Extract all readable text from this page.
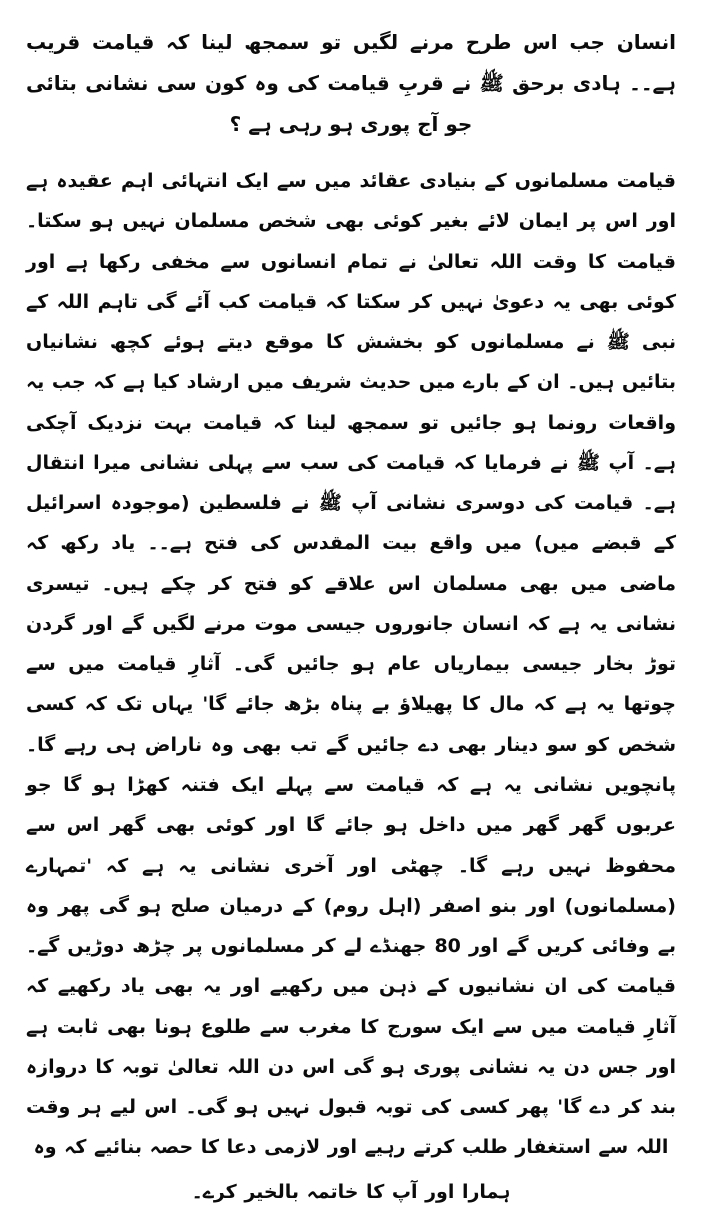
انسان جب اس طرح مرنے لگیں تو سمجھ لینا کہ قیامت قریب ہے۔۔ ہادی برحق ﷺ نے قربِ قیامت کی وہ کون سی نشانی بتائی جو آج پوری ہو رہی ہے ؟

قیامت مسلمانوں کے بنیادی عقائد میں سے ایک انتہائی اہم عقیدہ ہے اور اس پر ایمان لائے بغیر کوئی بھی شخص مسلمان نہیں ہو سکتا۔ قیامت کا وقت اللہ تعالیٰ نے تمام انسانوں سے مخفی رکھا ہے اور کوئی بھی یہ دعویٰ نہیں کر سکتا کہ قیامت کب آئے گی تاہم اللہ کے نبی ﷺ نے مسلمانوں کو بخشش کا موقع دیتے ہوئے کچھ نشانیاں بتائیں ہیں۔ ان کے بارے میں حدیث شریف میں ارشاد کیا ہے کہ جب یہ واقعات رونما ہو جائیں تو سمجھ لینا کہ قیامت بہت نزدیک آچکی ہے۔ آپ ﷺ نے فرمایا کہ قیامت کی سب سے پہلی نشانی میرا انتقال ہے۔ قیامت کی دوسری نشانی آپ ﷺ نے فلسطین (موجودہ اسرائیل کے قبضے میں) میں واقع بیت المقدس کی فتح ہے۔۔ یاد رکھ کہ ماضی میں بھی مسلمان اس علاقے کو فتح کر چکے ہیں۔ تیسری نشانی یہ ہے کہ انسان جانوروں جیسی موت مرنے لگیں گے اور گردن توڑ بخار جیسی بیماریاں عام ہو جائیں گی۔ آثارِ قیامت میں سے چوتھا یہ ہے کہ مال کا پھیلاؤ بے پناہ بڑھ جائے گا' یہاں تک کہ کسی شخص کو سو دینار بھی دے جائیں گے تب بھی وہ ناراض ہی رہے گا۔ پانچویں نشانی یہ ہے کہ قیامت سے پہلے ایک فتنہ کھڑا ہو گا جو عربوں گھر گھر میں داخل ہو جائے گا اور کوئی بھی گھر اس سے محفوظ نہیں رہے گا۔ چھٹی اور آخری نشانی یہ ہے کہ 'تمہارے (مسلمانوں) اور بنو اصفر (اہل روم) کے درمیان صلح ہو گی پھر وہ بے وفائی کریں گے اور 80 جھنڈے لے کر مسلمانوں پر چڑھ دوڑیں گے۔ قیامت کی ان نشانیوں کے ذہن میں رکھیے اور یہ بھی یاد رکھیے کہ آثارِ قیامت میں سے ایک سورج کا مغرب سے طلوع ہونا بھی ثابت ہے اور جس دن یہ نشانی پوری ہو گی اس دن اللہ تعالیٰ توبہ کا دروازہ بند کر دے گا' پھر کسی کی توبہ قبول نہیں ہو گی۔ اس لیے ہر وقت اللہ سے استغفار طلب کرتے رہیے اور لازمی دعا کا حصہ بنائیے کہ وہ

ہمارا اور آپ کا خاتمہ بالخیر کرے۔
